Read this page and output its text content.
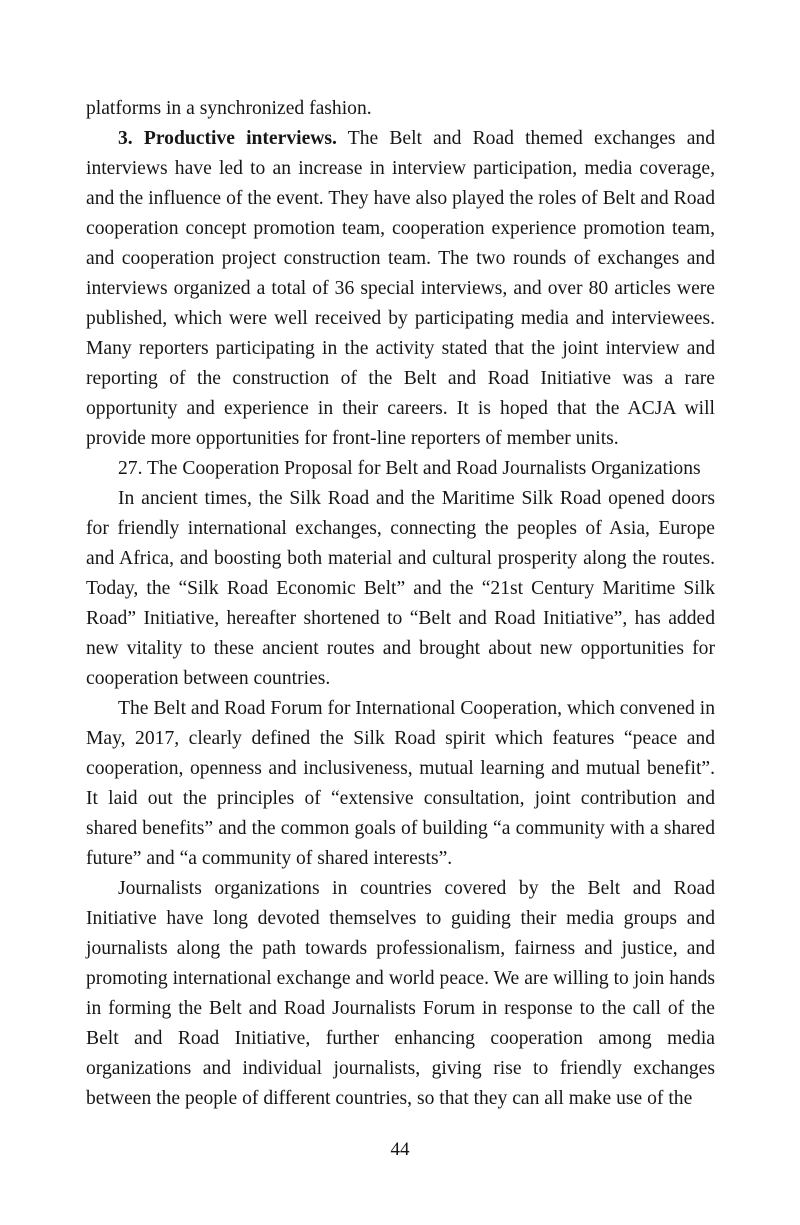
platforms in a synchronized fashion.

3. Productive interviews. The Belt and Road themed exchanges and interviews have led to an increase in interview participation, media coverage, and the influence of the event. They have also played the roles of Belt and Road cooperation concept promotion team, cooperation experience promotion team, and cooperation project construction team. The two rounds of exchanges and interviews organized a total of 36 special interviews, and over 80 articles were published, which were well received by participating media and interviewees. Many reporters participating in the activity stated that the joint interview and reporting of the construction of the Belt and Road Initiative was a rare opportunity and experience in their careers. It is hoped that the ACJA will provide more opportunities for front-line reporters of member units.

27. The Cooperation Proposal for Belt and Road Journalists Organizations

In ancient times, the Silk Road and the Maritime Silk Road opened doors for friendly international exchanges, connecting the peoples of Asia, Europe and Africa, and boosting both material and cultural prosperity along the routes. Today, the “Silk Road Economic Belt” and the “21st Century Maritime Silk Road” Initiative, hereafter shortened to “Belt and Road Initiative”, has added new vitality to these ancient routes and brought about new opportunities for cooperation between countries.

The Belt and Road Forum for International Cooperation, which convened in May, 2017, clearly defined the Silk Road spirit which features “peace and cooperation, openness and inclusiveness, mutual learning and mutual benefit”. It laid out the principles of “extensive consultation, joint contribution and shared benefits” and the common goals of building “a community with a shared future” and “a community of shared interests”.

Journalists organizations in countries covered by the Belt and Road Initiative have long devoted themselves to guiding their media groups and journalists along the path towards professionalism, fairness and justice, and promoting international exchange and world peace. We are willing to join hands in forming the Belt and Road Journalists Forum in response to the call of the Belt and Road Initiative, further enhancing cooperation among media organizations and individual journalists, giving rise to friendly exchanges between the people of different countries, so that they can all make use of the

44
